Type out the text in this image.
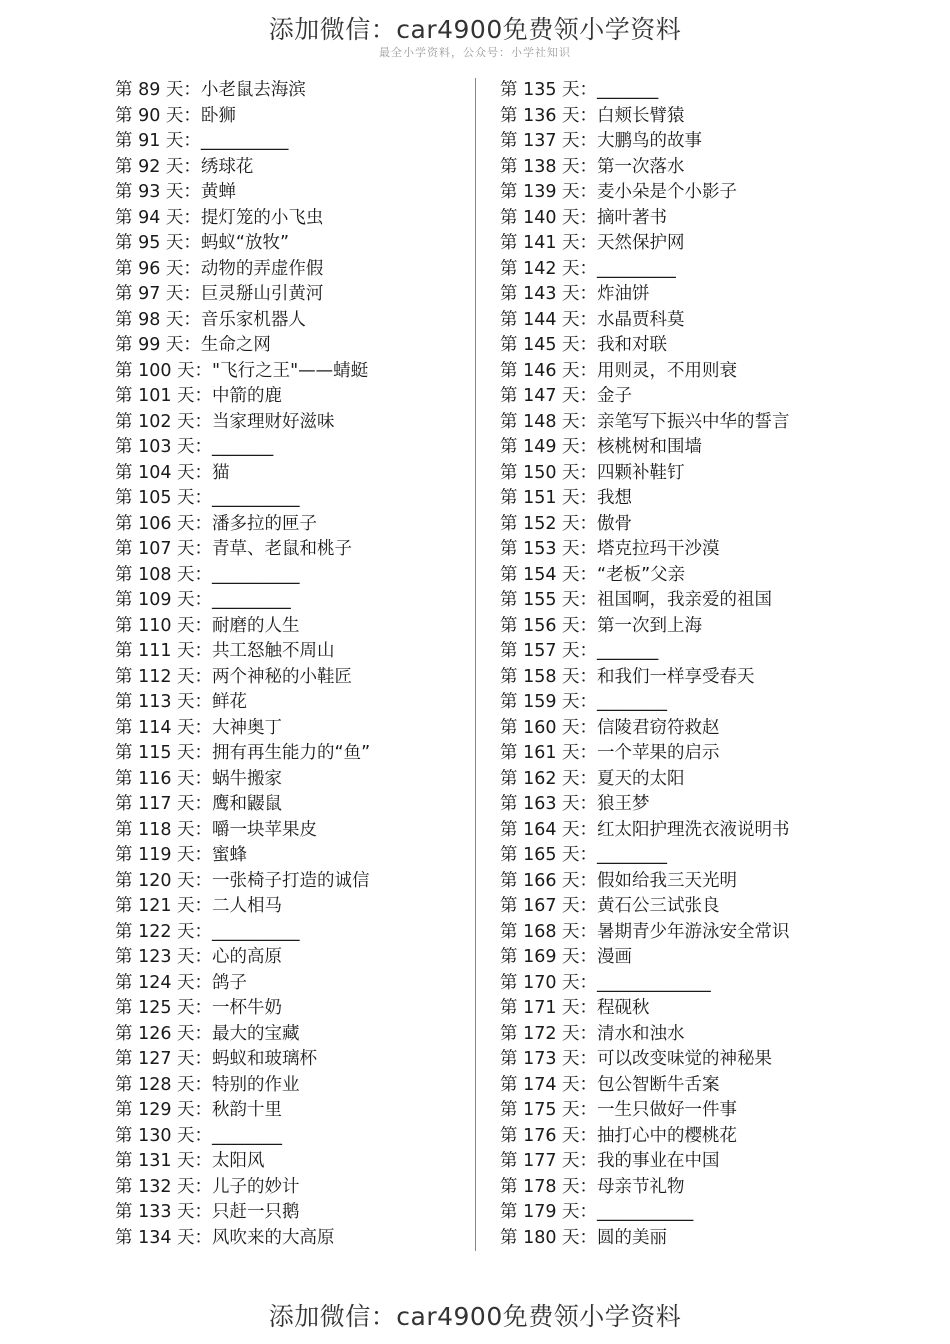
添加微信：car4900免费领小学资料
最全小学资料，公众号：小学社知识
第 89 天：小老鼠去海滨
第 90 天：卧狮
第 91 天：__________
第 92 天：绣球花
第 93 天：黄蝉
第 94 天：提灯笼的小飞虫
第 95 天：蚂蚁“放牧”
第 96 天：动物的弄虚作假
第 97 天：巨灵掰山引黄河
第 98 天：音乐家机器人
第 99 天：生命之网
第 100 天："飞行之王"——蜻蜓
第 101 天：中箭的鹿
第 102 天：当家理财好滋味
第 103 天：_______
第 104 天：猫
第 105 天：__________
第 106 天：潘多拉的匣子
第 107 天：青草、老鼠和桃子
第 108 天：__________
第 109 天：_________
第 110 天：耐磨的人生
第 111 天：共工怒触不周山
第 112 天：两个神秘的小鞋匠
第 113 天：鲜花
第 114 天：大神奥丁
第 115 天：拥有再生能力的“鱼”
第 116 天：蜗牛搬家
第 117 天：鹰和鼹鼠
第 118 天：嚼一块苹果皮
第 119 天：蜜蜂
第 120 天：一张椅子打造的诚信
第 121 天：二人相马
第 122 天：__________
第 123 天：心的高原
第 124 天：鸽子
第 125 天：一杯牛奶
第 126 天：最大的宝藏
第 127 天：蚂蚁和玻璃杯
第 128 天：特别的作业
第 129 天：秋韵十里
第 130 天：________
第 131 天：太阳风
第 132 天：儿子的妙计
第 133 天：只赶一只鹅
第 134 天：风吹来的大高原
第 135 天：_______
第 136 天：白颊长臂猿
第 137 天：大鹏鸟的故事
第 138 天：第一次落水
第 139 天：麦小朵是个小影子
第 140 天：摘叶著书
第 141 天：天然保护网
第 142 天：_________
第 143 天：炸油饼
第 144 天：水晶贾科莫
第 145 天：我和对联
第 146 天：用则灵，不用则衰
第 147 天：金子
第 148 天：亲笔写下振兴中华的誓言
第 149 天：核桃树和围墙
第 150 天：四颗补鞋钉
第 151 天：我想
第 152 天：傲骨
第 153 天：塔克拉玛干沙漠
第 154 天：“老板”父亲
第 155 天：祖国啊，我亲爱的祖国
第 156 天：第一次到上海
第 157 天：_______
第 158 天：和我们一样享受春天
第 159 天：________
第 160 天：信陵君窃符救赵
第 161 天：一个苹果的启示
第 162 天：夏天的太阳
第 163 天：狼王梦
第 164 天：红太阳护理洗衣液说明书
第 165 天：________
第 166 天：假如给我三天光明
第 167 天：黄石公三试张良
第 168 天：暑期青少年游泳安全常识
第 169 天：漫画
第 170 天：_____________
第 171 天：程砚秋
第 172 天：清水和浊水
第 173 天：可以改变味觉的神秘果
第 174 天：包公智断牛舌案
第 175 天：一生只做好一件事
第 176 天：抽打心中的樱桃花
第 177 天：我的事业在中国
第 178 天：母亲节礼物
第 179 天：___________
第 180 天：圆的美丽
添加微信：car4900免费领小学资料
